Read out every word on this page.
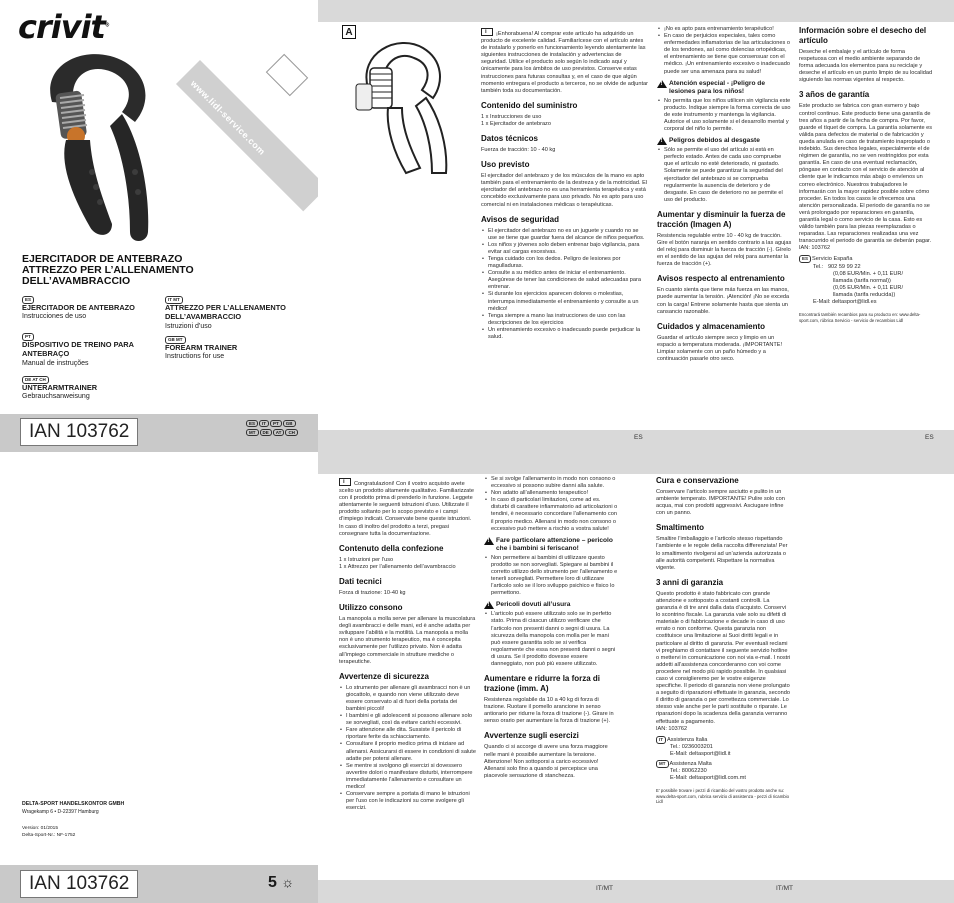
crivit®
www.lidl-service.com
EJERCITADOR DE ANTEBRAZO
ATTREZZO PER L’ALLENAMENTO
DELL’AVAMBRACCIO
ES
EJERCITADOR DE ANTEBRAZO
Instrucciones de uso
IT MT
ATTREZZO PER L’ALLENAMENTO DELL’AVAMBRACCIO
Istruzioni d’uso
PT
DISPOSITIVO DE TREINO PARA ANTEBRAÇO
Manual de instruções
GB MT
FOREARM TRAINER
Instructions for use
DE AT CH
UNTERARMTRAINER
Gebrauchsanweisung
IAN 103762	ES IT PT GB
MT DE AT CH
DELTA-SPORT HANDELSKONTOR GMBH
Wragekamp 6 • D-22397 Hamburg
Version: 01/2015
Delta-Sport-Nr.: NF-1752
IAN 103762	5 ☼
A
i	¡Enhorabuena! Al comprar este artículo ha adquirido un producto de excelente calidad. Familiarícese con el artículo antes de instalarlo y ponerlo en funcionamiento leyendo atentamente las siguientes instrucciones de instalación y advertencias de seguridad. Utilice el producto solo según lo indicado aquí y únicamente para los ámbitos de uso previstos. Conserve estas instrucciones para futuras consultas y, en el caso de que algún momento entregara el producto a terceros, no se olvide de adjuntar también toda su documentación.
Contenido del suministro
1 x Instrucciones de uso
1 x Ejercitador de antebrazo
Datos técnicos
Fuerza de tracción: 10 - 40 kg
Uso previsto
El ejercitador del antebrazo y de los músculos de la mano es apto también para el entrenamiento de la destreza y de la motricidad. El ejercitador del antebrazo no es una herramienta terapéutica y está concebido exclusivamente para uso privado. No es apto para uso comercial ni en instalaciones médicas o terapéuticas.
Avisos de seguridad
• El ejercitador del antebrazo no es un juguete y cuando no se use se tiene que guardar fuera del alcance de niños pequeños.
• Los niños y jóvenes solo deben entrenar bajo vigilancia, para evitar así cargas excesivas.
• Tenga cuidado con los dedos. Peligro de lesiones por magulladuras.
• Consulte a su médico antes de iniciar el entrenamiento. Asegúrese de tener las condiciones de salud adecuadas para entrenar.
• Si durante los ejercicios aparecen dolores o molestias, interrumpa inmediatamente el entrenamiento y consulte a un médico!
• Tenga siempre a mano las instrucciones de uso con las descripciones de los ejercicios
• Un entrenamiento excesivo o inadecuado puede perjudicar la salud.
• ¡No es apto para entrenamiento terapéutico!
• En caso de perjuicios especiales, tales como enfermedades inflamatorias de las articulaciones o de los tendones, así como dolencias ortopédicas, el entrenamiento se tiene que consensuar con el médico. ¡Un entrenamiento excesivo o inadecuado puede ser una amenaza para su salud!
Atención especial - ¡Peligro de lesiones para los niños! !
• No permita que los niños utilicen sin vigilancia este producto. Indique siempre la forma correcta de uso de este instrumento y mantenga la vigilancia. Autorice el uso solamente si el desarrollo mental y corporal del niño lo permite.
Peligros debidos al desgaste !
• Sólo se permite el uso del artículo si está en perfecto estado. Antes de cada uso compruebe que el artículo no esté deteriorado, ni gastado. Solamente se puede garantizar la seguridad del ejercitador del antebrazo si se comprueba regularmente la ausencia de deterioro y de desgaste. En caso de deterioro no se permite el uso del producto.
Aumentar y disminuir la fuerza de tracción (Imagen A)
Resistencia regulable entre 10 - 40 kg de tracción. Gire el botón naranja en sentido contrario a las agujas del reloj para disminuir la fuerza de tracción (-). Gírelo en el sentido de las agujas del reloj para aumentar la fuerza de tracción (+).
Avisos respecto al entrenamiento
En cuanto sienta que tiene más fuerza en las manos, puede aumentar la tensión. ¡Atención! ¡No se exceda con la carga! Entrene solamente hasta que sienta un cansancio razonable.
Cuidados y almacenamiento
Guardar el artículo siempre seco y limpio en un espacio a temperatura moderada. ¡IMPORTANTE! Limpiar solamente con un paño húmedo y a continuación pasarle otro seco.
Información sobre el desecho del artículo
Deseche el embalaje y el artículo de forma respetuosa con el medio ambiente separando de forma adecuada los elementos para su reciclaje y deseche el artículo en un punto limpio de su localidad siguiendo las normas vigentes al respecto.
3 años de garantía
Este producto se fabrica con gran esmero y bajo control continuo. Este producto tiene una garantía de tres años a partir de la fecha de compra. Por favor, guarde el tíquet de compra. La garantía solamente es válida para defectos de material o de fabricación y queda anulada en caso de tratamiento inapropiado o indebido. Sus derechos legales, especialmente el de régimen de garantía, no se ven restringidos por esta garantía. En caso de una eventual reclamación, póngase en contacto con el servicio de atención al cliente que le indicamos más abajo o envíenos un correo electrónico. Nuestros trabajadores le informarán con la mayor rapidez posible sobre cómo proceder. En todos los casos le ofrecemos una atención personalizada. El periodo de garantía no se verá prolongado por reparaciones en garantía, garantía legal o como servicio de la casa. Esto es válido también para las piezas reemplazadas o reparadas. Las reparaciones realizadas una vez transcurrido el periodo de garantía se deberán pagar.
IAN: 103762
ES Servicio España
Tel.: 902 59 99 22
(0,08 EUR/Min. + 0,11 EUR/
llamada (tarifa normal))
(0,05 EUR/Min. + 0,11 EUR/
llamada (tarifa reducida))
E-Mail: deltasport@lidl.es
Encontrará también recambios para su producto en: www.delta-sport.com, rúbrica Servicio - servicio de recambios Lidl
ES	ES
iCongratulazioni! Con il vostro acquisto avete scelto un prodotto altamente qualitativo. Familiarizzate con il prodotto prima di prenderlo in funzione. Leggete attentamente le seguenti istruzioni d’uso. Utilizzate il prodotto soltanto per lo scopo previsto e i campi d’impiego indicati. Conservate bene queste istruzioni. In caso di inoltro del prodotto a terzi, pregasi consegnare tutta la documentazione.
Contenuto della confezione
1 x Istruzioni per l’uso
1 x Attrezzo per l’allenamento dell’avambraccio
Dati tecnici
Forza di trazione: 10-40 kg
Utilizzo consono
La manopola a molla serve per allenare la muscolatura degli avambracci e delle mani, ed è anche adatta per sviluppare l’abilità e la motilità. La manopola a molla non è uno strumento terapeutico, ma è concepita esclusivamente per l’utilizzo privato. Non è adatta all’impiego commerciale in strutture mediche o terapeutiche.
Avvertenze di sicurezza
• Lo strumento per allenare gli avambracci non è un giocattolo, e quando non viene utilizzato deve essere conservato al di fuori della portata dei bambini piccoli!
• I bambini e gli adolescenti si possono allenare solo se sorvegliati, così da evitare carichi eccessivi.
• Fare attenzione alle dita. Sussiste il pericolo di riportare ferite da schiacciamento.
• Consultare il proprio medico prima di iniziare ad allenarsi. Assicurarsi di essere in condizioni di salute adatte per potersi allenare.
• Se mentre si svolgono gli esercizi si dovessero avvertire dolori o manifestare disturbi, interrompere immediatamente l’allenamento e consultare un medico!
• Conservare sempre a portata di mano le istruzioni per l’uso con le indicazioni su come svolgere gli esercizi.
• Se si svolge l’allenamento in modo non consono o eccessivo si possono subire danni alla salute.
• Non adatto all’allenamento terapeutico!
• In caso di particolari limitazioni, come ad es. disturbi di carattere infiammatorio ad articolazioni o tendini, è necessario concordare l’allenamento con il proprio medico. Allenarsi in modo non consono o eccessivo può mettere a rischio a vostra salute!
Fare particolare attenzione – pericolo che i bambini si feriscano! !
• Non permettere ai bambini di utilizzare questo prodotto se non sorvegliati. Spiegare ai bambini il corretto utilizzo dello strumento per l’allenamento e tenerli sorvegliati. Permettere loro di utilizzare l’articolo solo se il loro sviluppo psichico e fisico lo permettono.
Pericoli dovuti all’usura !
• L’articolo può essere utilizzato solo se in perfetto stato. Prima di ciascun utilizzo verificare che l’articolo non presenti danni o segni di usura. La sicurezza della manopola con molla per le mani può essere garantita solo se si verifica regolarmente che essa non presenti danni o segni di usura. Se il prodotto dovesse essere danneggiato, non può più essere utilizzato.
Aumentare e ridurre la forza di trazione (imm. A)
Resistenza regolabile da 10 a 40 kg di forza di trazione. Ruotare il pomello arancione in senso antiorario per ridurre la forza di trazione (-). Girare in senso orario per aumentare la forza di trazione (+).
Avvertenze sugli esercizi
Quando ci si accorge di avere una forza maggiore nelle mani è possibile aumentare la tensione.
Attenzione! Non sottoporsi a carico eccessivo! Allenarsi solo fino a quando si percepisce una piacevole sensazione di stanchezza.
Cura e conservazione
Conservare l’articolo sempre asciutto e pulito in un ambiente temperato. IMPORTANTE! Pulire solo con acqua, mai con prodotti aggressivi. Asciugare infine con un panno.
Smaltimento
Smaltire l’imballaggio e l’articolo stesso rispettando l’ambiente e le regole della raccolta differenziata! Per lo smaltimento rivolgersi ad un’azienda autorizzata o alle autorità competenti. Rispettare la normativa vigente.
3 anni di garanzia
Questo prodotto è stato fabbricato con grande attenzione e sottoposto a costanti controlli. La garanzia è di tre anni dalla data d’acquisto. Conservi lo scontrino fiscale. La garanzia vale solo su difetti di materiale o di fabbricazione e decade in caso di uso errato o non conforme. Questa garanzia non costituisce una limitazione ai Suoi diritti legali e in particolare al diritto di garanzia. Per eventuali reclami vi preghiamo di contattare il seguente servizio hotline o mettervi in comunicazione con noi via e-mail. I nostri addetti all’assistenza concorderanno con voi come procedere nel modo più rapido possibile. In qualsiasi caso vi consiglieremo per le vostre esigenze specifiche. Il periodo di garanzia non viene prolungato a seguito di riparazioni effettuate in garanzia, secondo il diritto di garanzia o per correttezza commerciale. Lo stesso vale anche per le parti sostituite o riparate. Le riparazioni dopo la scadenza della garanzia verranno effettuate a pagamento.
IAN: 103762
IT Assistenza Italia
Tel.: 0236003201
E-Mail: deltasport@lidl.it
MT Assistenza Malta
Tel.: 80062230
E-Mail: deltasport@lidl.com.mt
E’ possibile trovare i pezzi di ricambio del vostro prodotto anche su: www.delta-sport.com, rubrica servizio di assistenza - pezzi di ricambio Lidl
IT/MT	IT/MT
